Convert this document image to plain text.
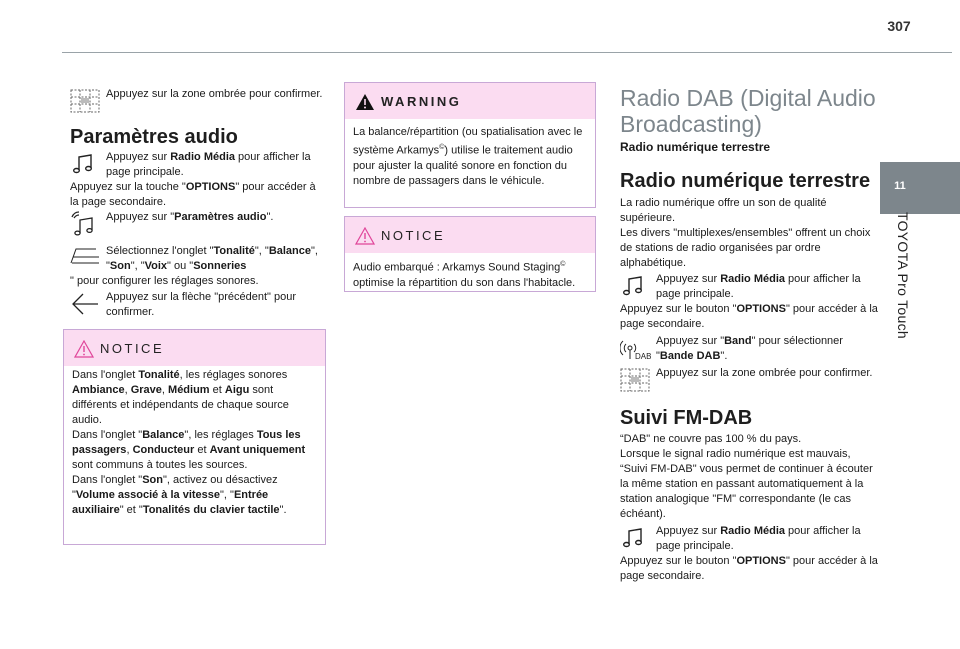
307
11
TOYOTA Pro Touch
Appuyez sur la zone ombrée pour confirmer.
Paramètres audio
Appuyez sur Radio Média pour afficher la page principale.
Appuyez sur la touche "OPTIONS" pour accéder à la page secondaire.
Appuyez sur "Paramètres audio".
Sélectionnez l'onglet "Tonalité", "Balance", "Son", "Voix" ou "Sonneries
" pour configurer les réglages sonores.
Appuyez sur la flèche "précédent" pour confirmer.
NOTICE
Dans l'onglet Tonalité, les réglages sonores Ambiance, Grave, Médium et Aigu sont différents et indépendants de chaque source audio.
Dans l'onglet "Balance", les réglages Tous les passagers, Conducteur et Avant uniquement sont communs à toutes les sources.
Dans l'onglet "Son", activez ou désactivez "Volume associé à la vitesse", "Entrée auxiliaire" et "Tonalités du clavier tactile".
WARNING
La balance/répartition (ou spatialisation avec le système Arkamys©) utilise le traitement audio pour ajuster la qualité sonore en fonction du nombre de passagers dans le véhicule.
NOTICE
Audio embarqué : Arkamys Sound Staging© optimise la répartition du son dans l'habitacle.
Radio DAB (Digital Audio Broadcasting)
Radio numérique terrestre
Radio numérique terrestre
La radio numérique offre un son de qualité supérieure.
Les divers "multiplexes/ensembles" offrent un choix de stations de radio organisées par ordre alphabétique.
Appuyez sur Radio Média pour afficher la page principale.
Appuyez sur le bouton "OPTIONS" pour accéder à la page secondaire.
DAB
Appuyez sur "Band" pour sélectionner "Bande DAB".
Appuyez sur la zone ombrée pour confirmer.
Suivi FM-DAB
“DAB" ne couvre pas 100 % du pays.
Lorsque le signal radio numérique est mauvais, “Suivi FM-DAB" vous permet de continuer à écouter la même station en passant automatiquement à la station analogique "FM" correspondante (le cas échéant).
Appuyez sur Radio Média pour afficher la page principale.
Appuyez sur le bouton "OPTIONS" pour accéder à la page secondaire.
